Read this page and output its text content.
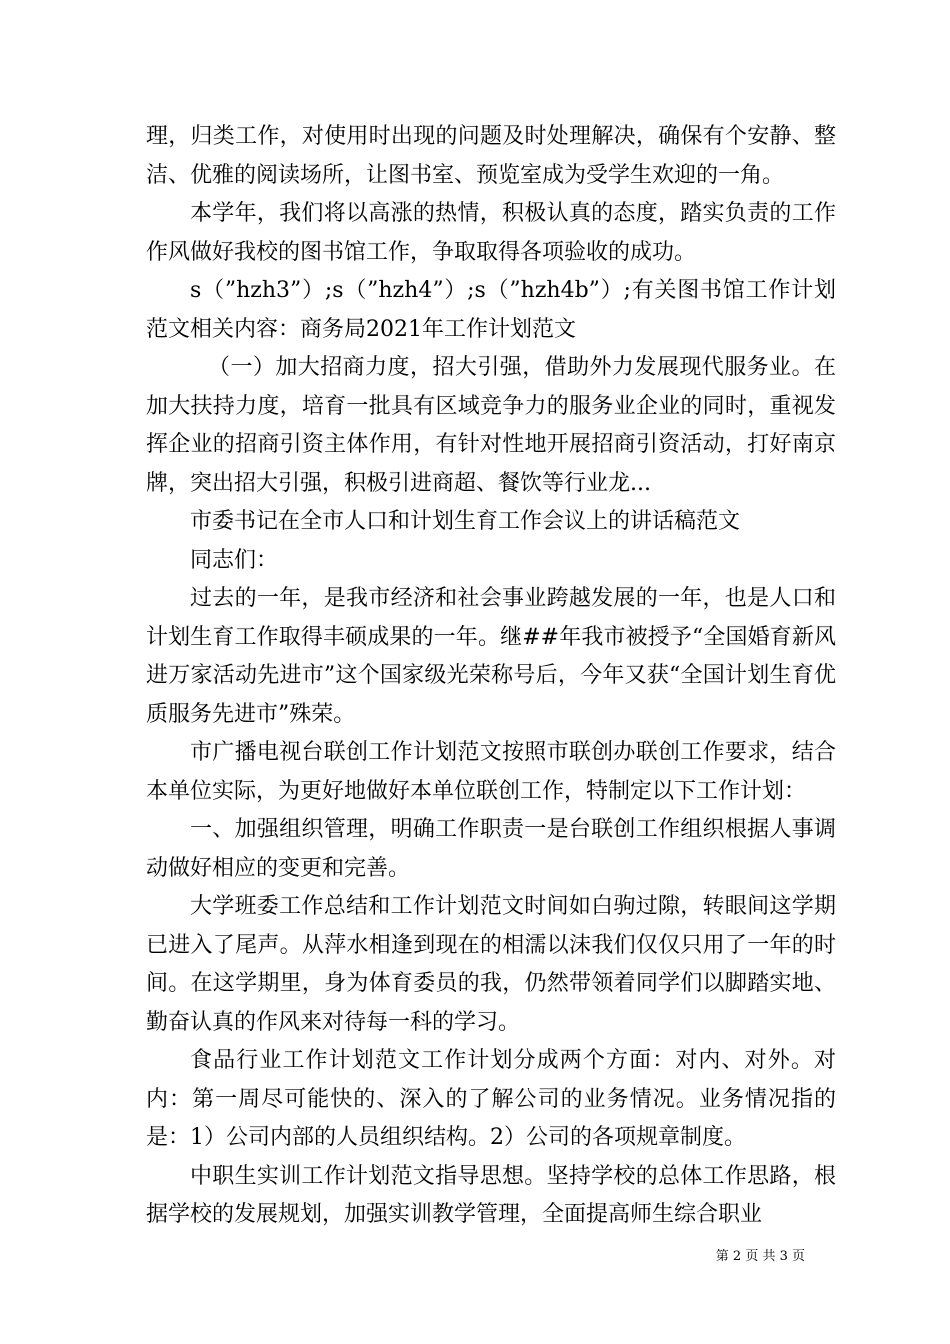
理，归类工作，对使用时出现的问题及时处理解决，确保有个安静、整洁、优雅的阅读场所，让图书室、预览室成为受学生欢迎的一角。

本学年，我们将以高涨的热情，积极认真的态度，踏实负责的工作作风做好我校的图书馆工作，争取取得各项验收的成功。

s（”hzh3”）;s（”hzh4”）;s（”hzh4b”）;有关图书馆工作计划范文相关内容：商务局2021年工作计划范文

（一）加大招商力度，招大引强，借助外力发展现代服务业。在加大扶持力度，培育一批具有区域竞争力的服务业企业的同时，重视发挥企业的招商引资主体作用，有针对性地开展招商引资活动，打好南京牌，突出招大引强，积极引进商超、餐饮等行业龙...

市委书记在全市人口和计划生育工作会议上的讲话稿范文

同志们：

过去的一年，是我市经济和社会事业跨越发展的一年，也是人口和计划生育工作取得丰硕成果的一年。继##年我市被授予“全国婚育新风进万家活动先进市”这个国家级光荣称号后，今年又获“全国计划生育优质服务先进市”殊荣。

市广播电视台联创工作计划范文按照市联创办联创工作要求，结合本单位实际，为更好地做好本单位联创工作，特制定以下工作计划：

一、加强组织管理，明确工作职责一是台联创工作组织根据人事调动做好相应的变更和完善。

大学班委工作总结和工作计划范文时间如白驹过隙，转眼间这学期已进入了尾声。从萍水相逢到现在的相濡以沫我们仅仅只用了一年的时间。在这学期里，身为体育委员的我，仍然带领着同学们以脚踏实地、勤奋认真的作风来对待每一科的学习。

食品行业工作计划范文工作计划分成两个方面：对内、对外。对内：第一周尽可能快的、深入的了解公司的业务情况。业务情况指的是：1）公司内部的人员组织结构。2）公司的各项规章制度。

中职生实训工作计划范文指导思想。坚持学校的总体工作思路，根据学校的发展规划，加强实训教学管理，全面提高师生综合职业

第 2 页 共 3 页
